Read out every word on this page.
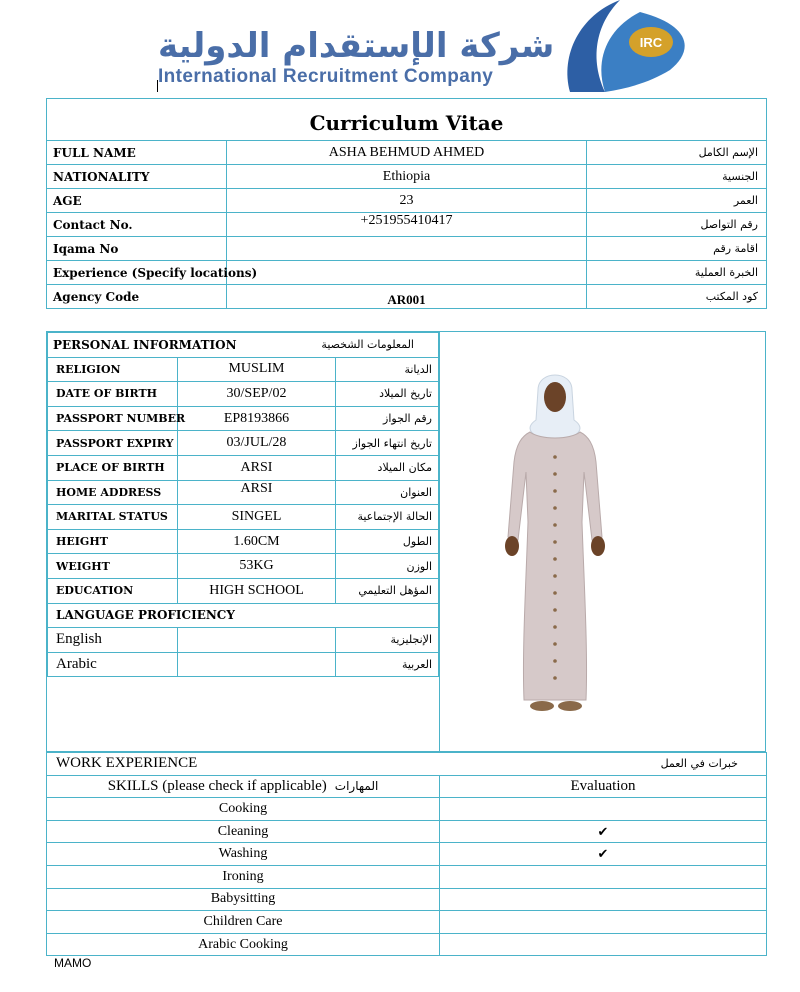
شركة الإستقدام الدولية
International Recruitment Company
IRC
Curriculum Vitae		
FULL NAME	ASHA BEHMUD AHMED	الإسم الكامل
NATIONALITY	Ethiopia	الجنسية
AGE	23	العمر
Contact No.	+251955410417	رقم التواصل
Iqama No		اقامة رقم
Experience (Specify locations)		الخبرة العملية
Agency Code	AR001	كود المكتب
PERSONAL INFORMATION		المعلومات الشخصية
RELIGION	MUSLIM	الديانة
DATE OF BIRTH	30/SEP/02	تاريخ الميلاد
PASSPORT NUMBER	EP8193866	رقم الجواز
PASSPORT EXPIRY	03/JUL/28	تاريخ انتهاء الجواز
PLACE OF BIRTH	ARSI	مكان الميلاد
HOME ADDRESS	ARSI	العنوان
MARITAL STATUS	SINGEL	الحالة الإجتماعية
HEIGHT	1.60CM	الطول
WEIGHT	53KG	الوزن
EDUCATION	HIGH SCHOOL	المؤهل التعليمي
LANGUAGE PROFICIENCY		
English		الإنجليزية
Arabic		العربية
WORK EXPERIENCE	خبرات في العمل
SKILLS (please check if applicable) المهارات	Evaluation
Cooking	
Cleaning	✔
Washing	✔
Ironing	
Babysitting	
Children Care	
Arabic Cooking	
MAMO
